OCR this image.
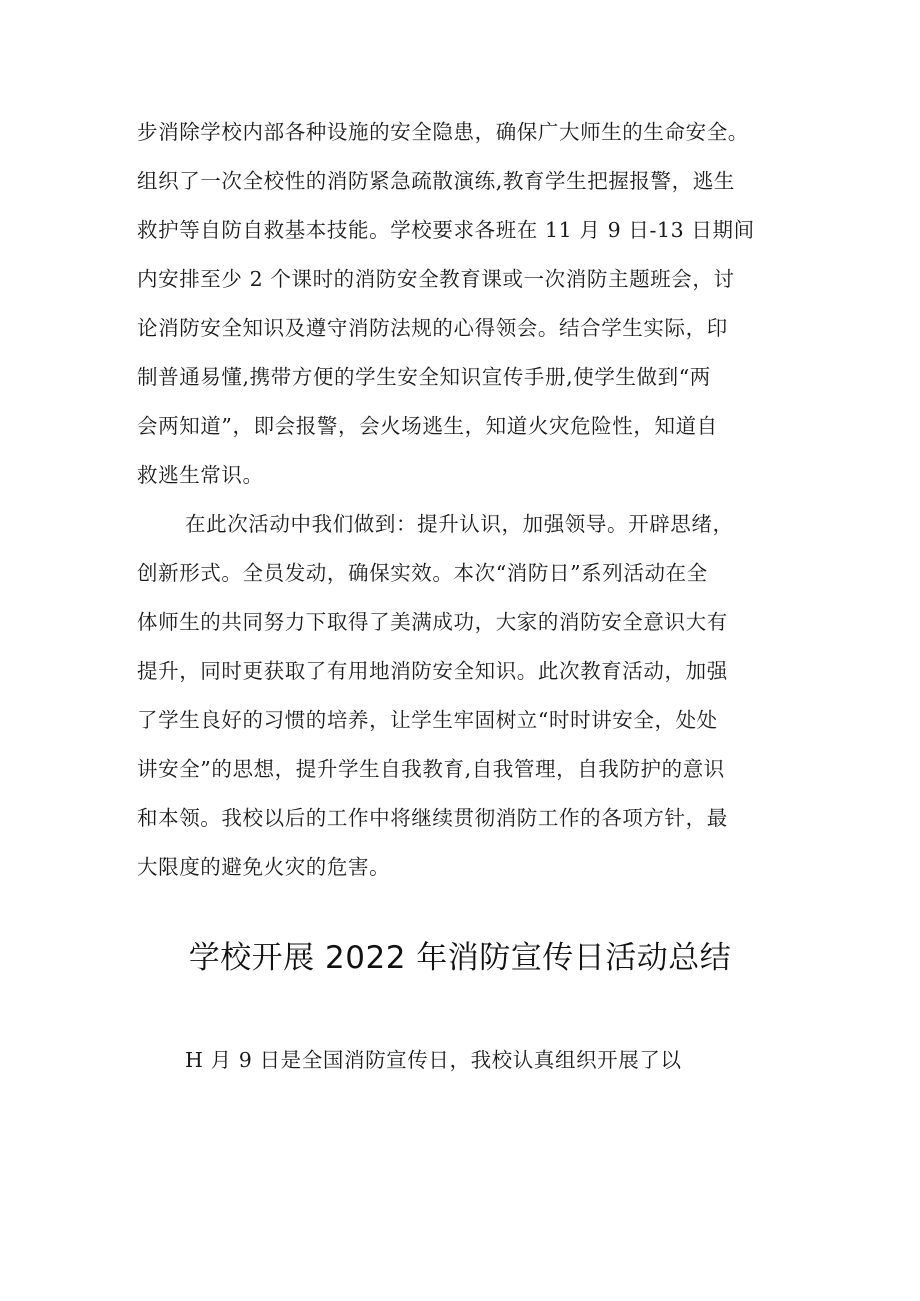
步消除学校内部各种设施的安全隐患，确保广大师生的生命安全。
组织了一次全校性的消防紧急疏散演练,教育学生把握报警，逃生
救护等自防自救基本技能。学校要求各班在 11 月 9 日-13 日期间
内安排至少 2 个课时的消防安全教育课或一次消防主题班会，讨
论消防安全知识及遵守消防法规的心得领会。结合学生实际，印
制普通易懂,携带方便的学生安全知识宣传手册,使学生做到“两
会两知道”，即会报警，会火场逃生，知道火灾危险性，知道自
救逃生常识。
在此次活动中我们做到：提升认识，加强领导。开辟思绪，
创新形式。全员发动，确保实效。本次“消防日”系列活动在全
体师生的共同努力下取得了美满成功，大家的消防安全意识大有
提升，同时更获取了有用地消防安全知识。此次教育活动，加强
了学生良好的习惯的培养，让学生牢固树立“时时讲安全，处处
讲安全”的思想，提升学生自我教育,自我管理，自我防护的意识
和本领。我校以后的工作中将继续贯彻消防工作的各项方针，最
大限度的避免火灾的危害。
学校开展 2022 年消防宣传日活动总结
H 月 9 日是全国消防宣传日，我校认真组织开展了以
